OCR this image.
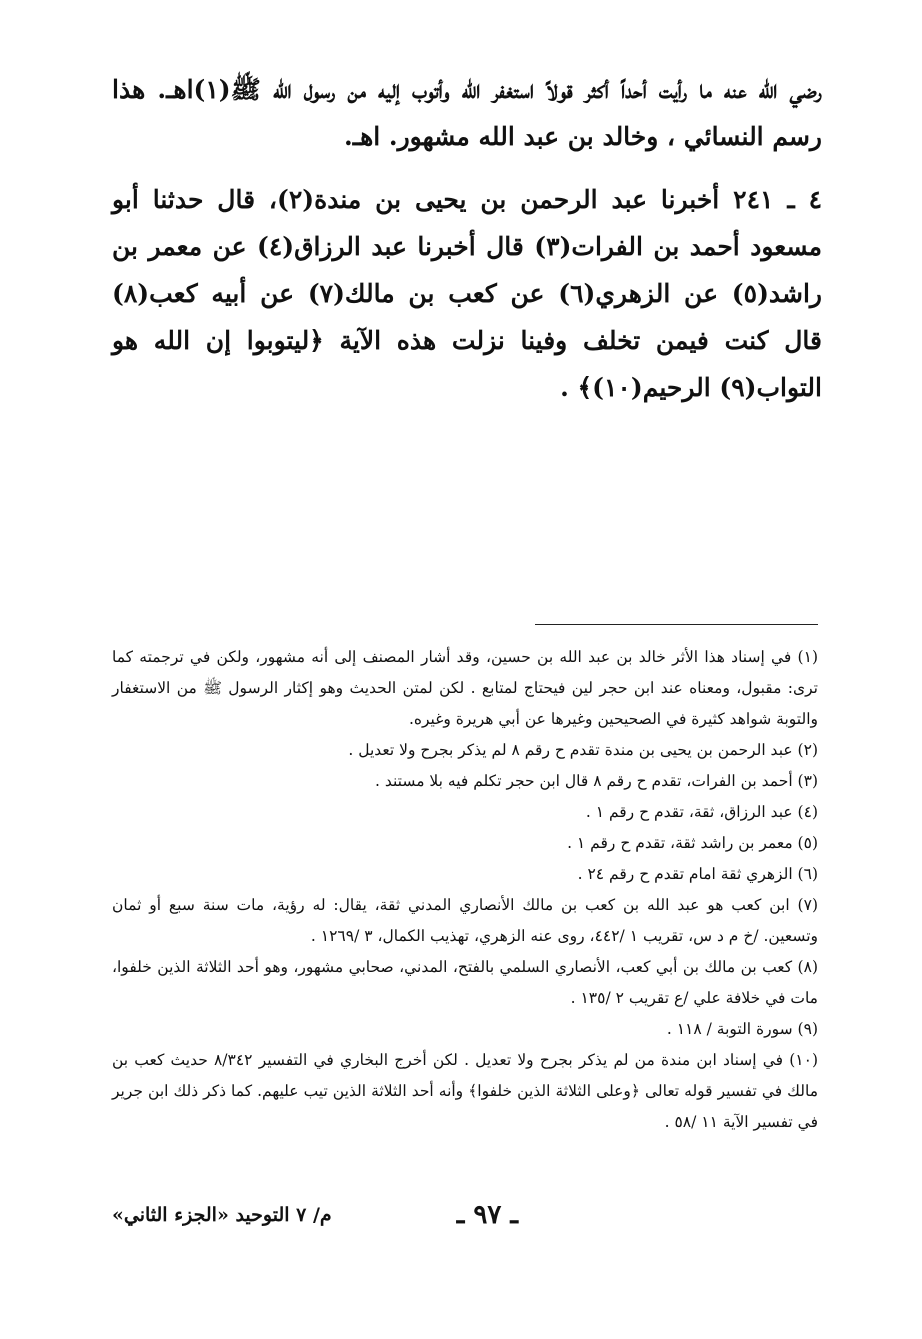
رضي الله عنه ما رأيت أحداً أكثر قولاً استغفر الله وأتوب إليه من رسول الله ﷺ(١)اهـ. هذا رسم النسائي ، وخالد بن عبد الله مشهور. اهـ.

٤ ـ ٢٤١ أخبرنا عبد الرحمن بن يحيى بن مندة(٢)، قال حدثنا أبو مسعود أحمد بن الفرات(٣) قال أخبرنا عبد الرزاق(٤) عن معمر بن راشد(٥) عن الزهري(٦) عن كعب بن مالك(٧) عن أبيه كعب(٨) قال كنت فيمن تخلف وفينا نزلت هذه الآية ﴿ليتوبوا إن الله هو التواب(٩) الرحيم(١٠)﴾ .

(١) في إسناد هذا الأثر خالد بن عبد الله بن حسين، وقد أشار المصنف إلى أنه مشهور، ولكن في ترجمته كما ترى: مقبول، ومعناه عند ابن حجر لين فيحتاج لمتابع . لكن لمتن الحديث وهو إكثار الرسول ﷺ من الاستغفار والتوبة شواهد كثيرة في الصحيحين وغيرها عن أبي هريرة وغيره.

(٢) عبد الرحمن بن يحيى بن مندة تقدم ح رقم ٨ لم يذكر بجرح ولا تعديل .

(٣) أحمد بن الفرات، تقدم ح رقم ٨ قال ابن حجر تكلم فيه بلا مستند .

(٤) عبد الرزاق، ثقة، تقدم ح رقم ١ .

(٥) معمر بن راشد ثقة، تقدم ح رقم ١ .

(٦) الزهري ثقة امام تقدم ح رقم ٢٤ .

(٧) ابن كعب هو عبد الله بن كعب بن مالك الأنصاري المدني ثقة، يقال: له رؤية، مات سنة سبع أو ثمان وتسعين. /خ م د س، تقريب ١ /٤٤٢، روى عنه الزهري، تهذيب الكمال، ٣ /١٢٦٩ .

(٨) كعب بن مالك بن أبي كعب، الأنصاري السلمي بالفتح، المدني، صحابي مشهور، وهو أحد الثلاثة الذين خلفوا، مات في خلافة علي /ع تقريب ٢ /١٣٥ .

(٩) سورة التوبة / ١١٨ .

(١٠) في إسناد ابن مندة من لم يذكر بجرح ولا تعديل . لكن أخرج البخاري في التفسير ٨/٣٤٢ حديث كعب بن مالك في تفسير قوله تعالى ﴿وعلى الثلاثة الذين خلفوا﴾ وأنه أحد الثلاثة الذين تيب عليهم. كما ذكر ذلك ابن جرير في تفسير الآية ١١ /٥٨ .

ـ ٩٧ ـ
م/ ٧ التوحيد «الجزء الثاني»
